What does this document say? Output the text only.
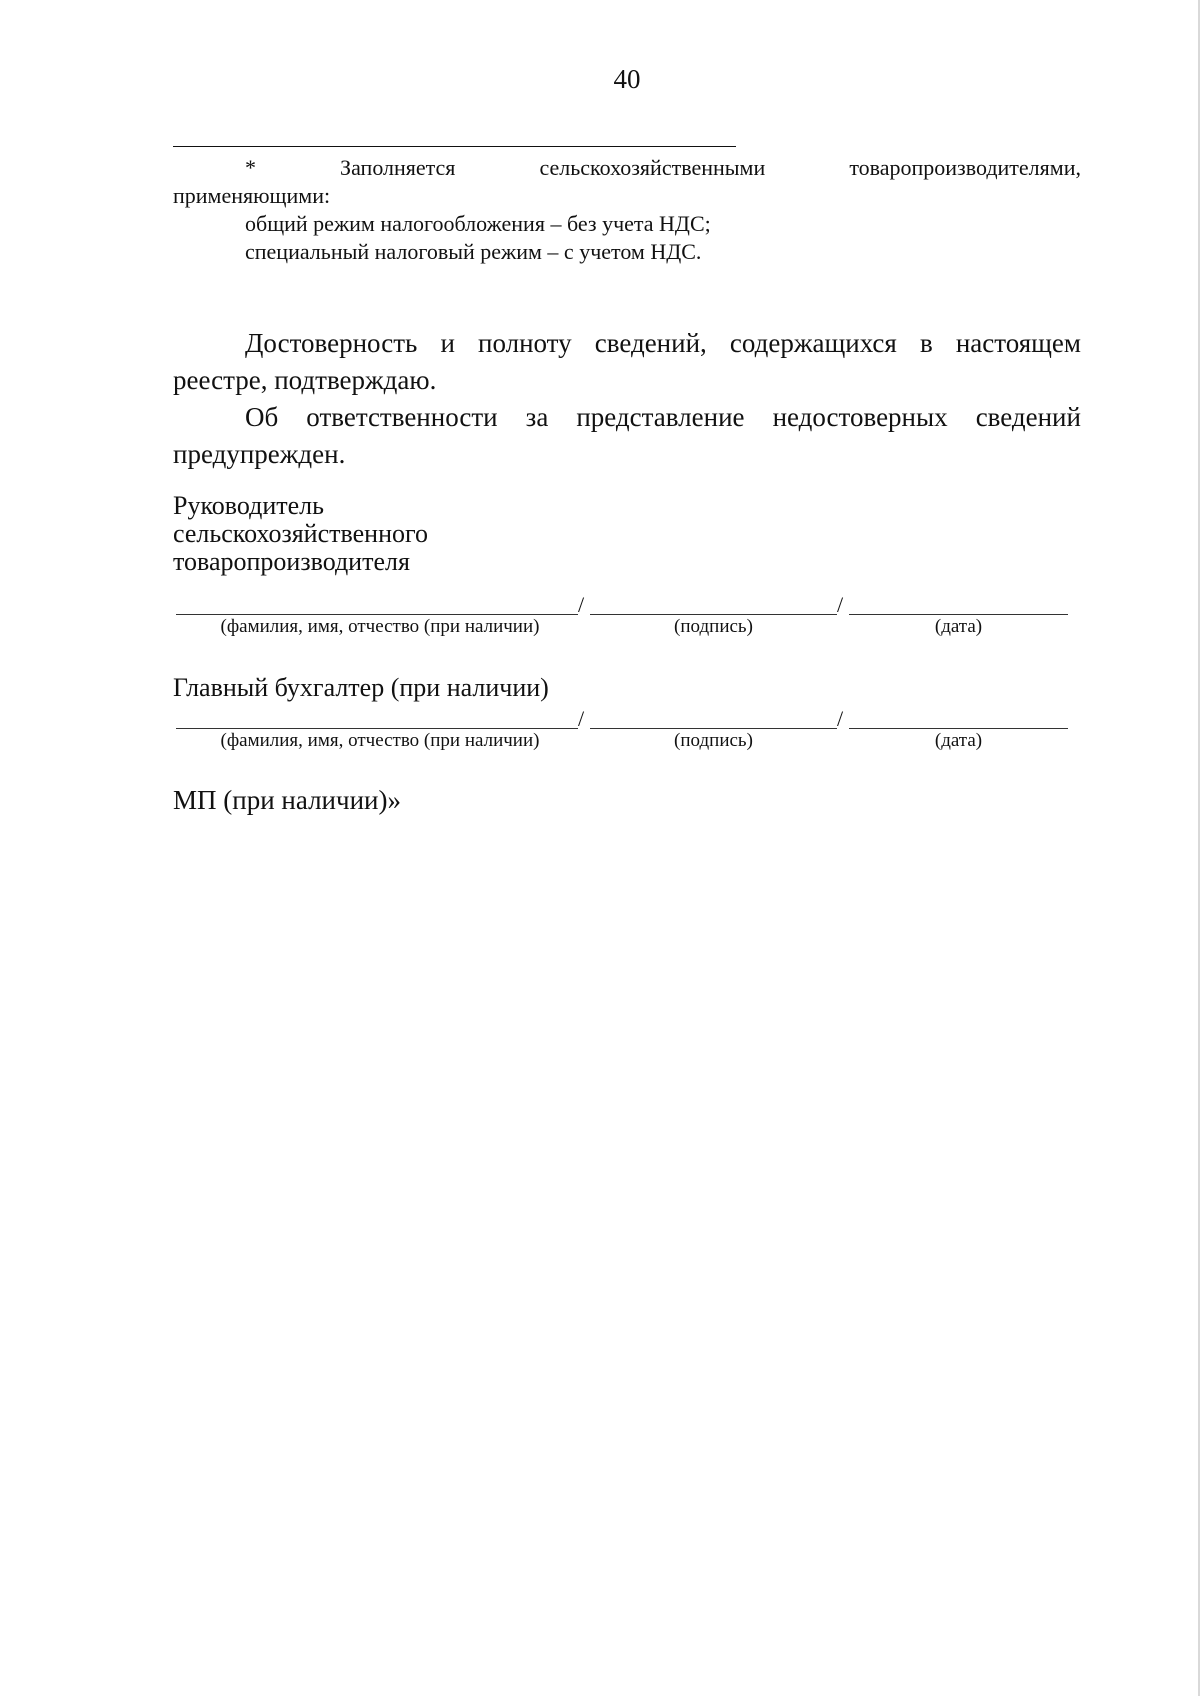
40
*	Заполняется	сельскохозяйственными	товаропроизводителями,
применяющими:
общий режим налогообложения – без учета НДС;
специальный налоговый режим – с учетом НДС.
Достоверность и полноту сведений, содержащихся в настоящем
реестре, подтверждаю.
Об ответственности за представление недостоверных сведений
предупрежден.
Руководитель
сельскохозяйственного
товаропроизводителя
/	/
(фамилия, имя, отчество (при наличии)	(подпись)	(дата)
Главный бухгалтер (при наличии)
/	/
(фамилия, имя, отчество (при наличии)	(подпись)	(дата)
МП (при наличии)»
